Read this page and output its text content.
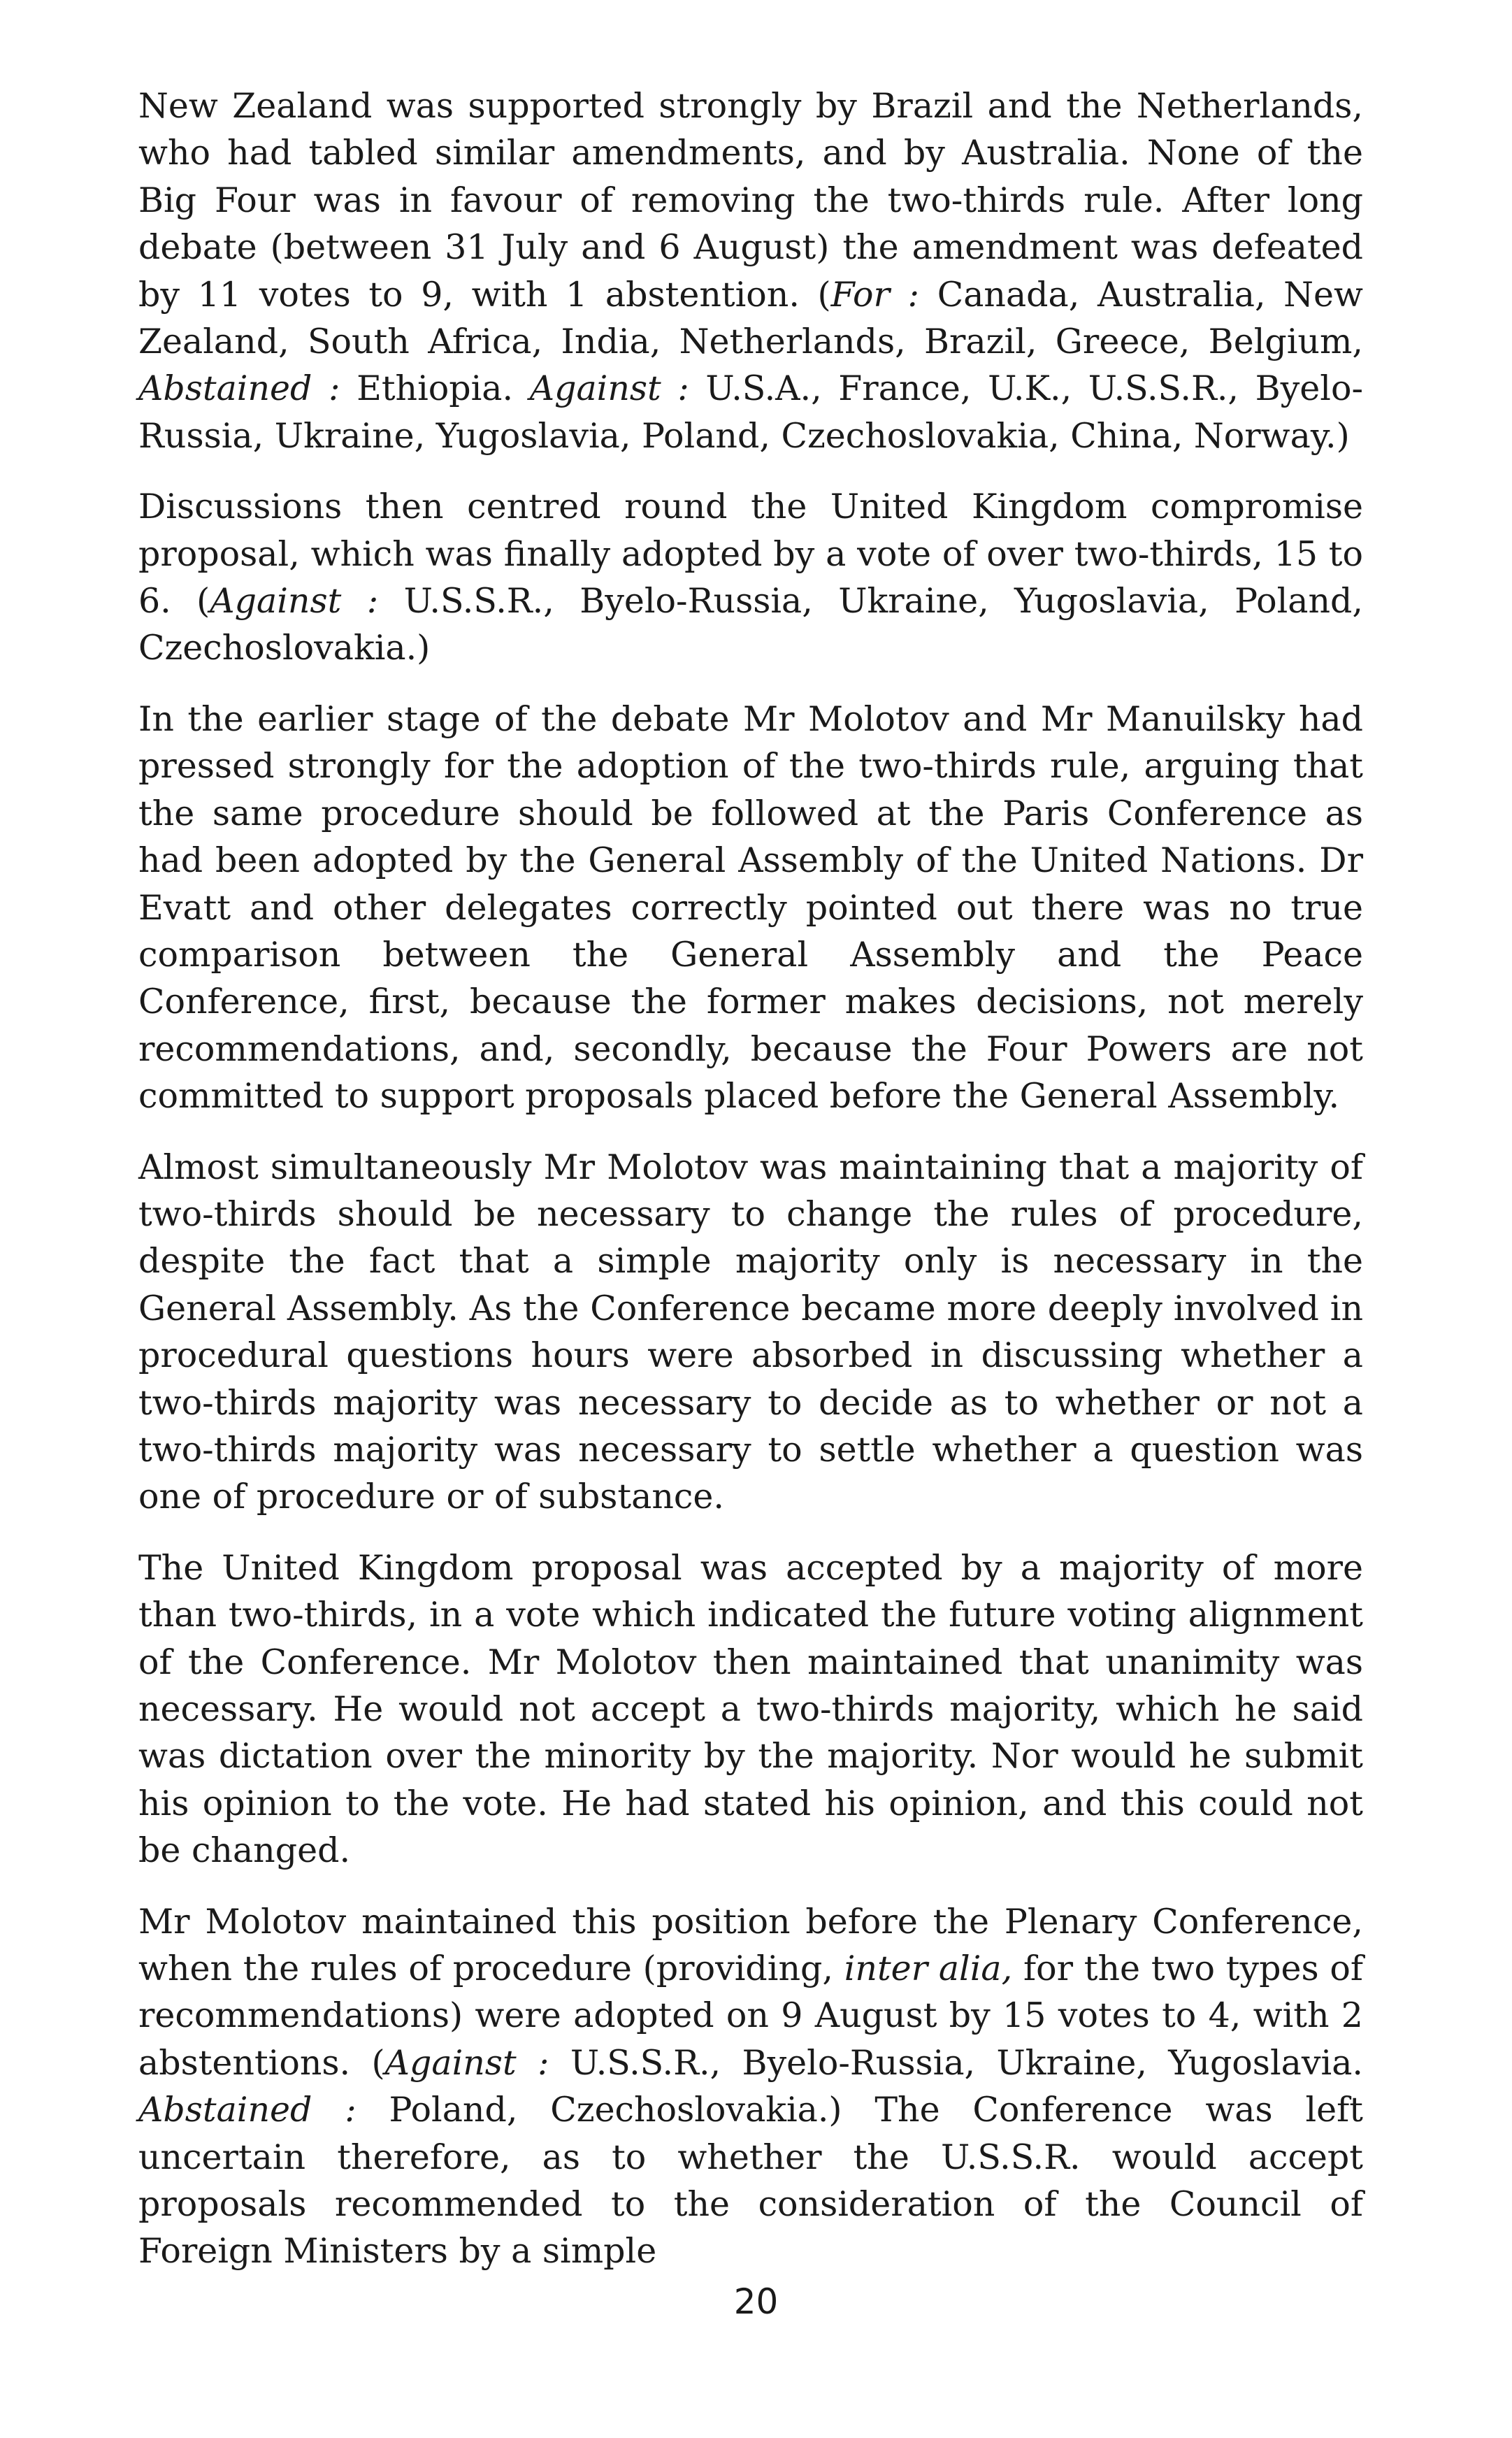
New Zealand was supported strongly by Brazil and the Netherlands, who had tabled similar amendments, and by Australia. None of the Big Four was in favour of removing the two-thirds rule. After long debate (between 31 July and 6 August) the amendment was defeated by 11 votes to 9, with 1 abstention. (For : Canada, Australia, New Zealand, South Africa, India, Netherlands, Brazil, Greece, Belgium, Abstained : Ethiopia. Against : U.S.A., France, U.K., U.S.S.R., Byelo-Russia, Ukraine, Yugoslavia, Poland, Czechoslovakia, China, Norway.)

Discussions then centred round the United Kingdom compromise proposal, which was finally adopted by a vote of over two-thirds, 15 to 6. (Against : U.S.S.R., Byelo-Russia, Ukraine, Yugoslavia, Poland, Czechoslovakia.)

In the earlier stage of the debate Mr Molotov and Mr Manuilsky had pressed strongly for the adoption of the two-thirds rule, arguing that the same procedure should be followed at the Paris Conference as had been adopted by the General Assembly of the United Nations. Dr Evatt and other delegates correctly pointed out there was no true comparison between the General Assembly and the Peace Conference, first, because the former makes decisions, not merely recommendations, and, secondly, because the Four Powers are not committed to support proposals placed before the General Assembly.

Almost simultaneously Mr Molotov was maintaining that a majority of two-thirds should be necessary to change the rules of procedure, despite the fact that a simple majority only is necessary in the General Assembly. As the Conference became more deeply involved in procedural questions hours were absorbed in discussing whether a two-thirds majority was necessary to decide as to whether or not a two-thirds majority was necessary to settle whether a question was one of procedure or of substance.

The United Kingdom proposal was accepted by a majority of more than two-thirds, in a vote which indicated the future voting alignment of the Conference. Mr Molotov then maintained that unanimity was necessary. He would not accept a two-thirds majority, which he said was dictation over the minority by the majority. Nor would he submit his opinion to the vote. He had stated his opinion, and this could not be changed.

Mr Molotov maintained this position before the Plenary Conference, when the rules of procedure (providing, inter alia, for the two types of recommendations) were adopted on 9 August by 15 votes to 4, with 2 abstentions. (Against : U.S.S.R., Byelo-Russia, Ukraine, Yugoslavia. Abstained : Poland, Czechoslovakia.) The Conference was left uncertain therefore, as to whether the U.S.S.R. would accept proposals recommended to the consideration of the Council of Foreign Ministers by a simple

20
